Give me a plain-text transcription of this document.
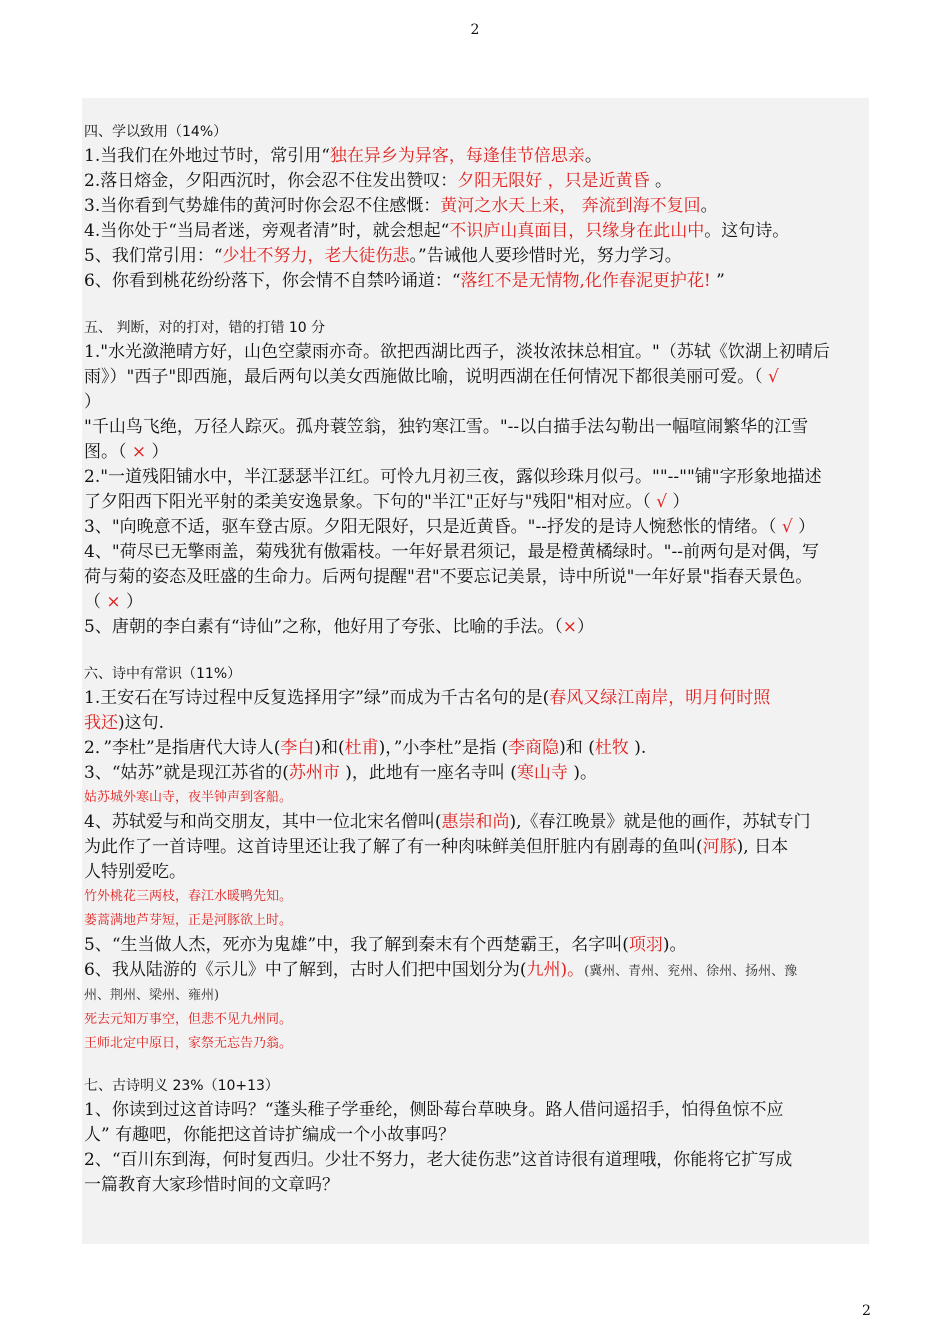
2
四、学以致用（14%）
1.当我们在外地过节时，常引用“独在异乡为异客，每逢佳节倍思亲。
2.落日熔金，夕阳西沉时，你会忍不住发出赞叹：夕阳无限好 ，只是近黄昏 。
3.当你看到气势雄伟的黄河时你会忍不住感慨：黄河之水天上来， 奔流到海不复回。
4.当你处于“当局者迷，旁观者清”时，就会想起“不识庐山真面目，只缘身在此山中。这句诗。
5、我们常引用：“少壮不努力，老大徒伤悲。”告诫他人要珍惜时光，努力学习。
6、你看到桃花纷纷落下，你会情不自禁吟诵道：“落红不是无情物,化作春泥更护花! ”
五、 判断，对的打对，错的打错 10 分
1."水光潋滟晴方好，山色空蒙雨亦奇。欲把西湖比西子，淡妆浓抹总相宜。"（苏轼《饮湖上初晴后
雨》）"西子"即西施，最后两句以美女西施做比喻，说明西湖在任何情况下都很美丽可爱。（ √
）
"千山鸟飞绝，万径人踪灭。孤舟蓑笠翁，独钓寒江雪。"--以白描手法勾勒出一幅喧闹繁华的江雪
图。（ × ）
2."一道残阳铺水中，半江瑟瑟半江红。可怜九月初三夜，露似珍珠月似弓。""--""铺"字形象地描述
了夕阳西下阳光平射的柔美安逸景象。下句的"半江"正好与"残阳"相对应。（ √ ）
3、"向晚意不适，驱车登古原。夕阳无限好，只是近黄昏。"--抒发的是诗人惋愁怅的情绪。（ √ ）
4、"荷尽已无擎雨盖，菊残犹有傲霜枝。一年好景君须记，最是橙黄橘绿时。"--前两句是对偶，写
荷与菊的姿态及旺盛的生命力。后两句提醒"君"不要忘记美景，诗中所说"一年好景"指春天景色。
（ × ）
5、唐朝的李白素有“诗仙”之称，他好用了夸张、比喻的手法。（×）
六、诗中有常识（11%）
1.王安石在写诗过程中反复选择用字”绿”而成为千古名句的是(春风又绿江南岸，明月何时照
我还)这句.
2．”李杜”是指唐代大诗人(李白)和(杜甫)，”小李杜”是指 (李商隐)和 (杜牧 ).
3、“姑苏”就是现江苏省的(苏州市 )，此地有一座名寺叫 (寒山寺 )。
姑苏城外寒山寺，夜半钟声到客船。
4、苏轼爱与和尚交朋友，其中一位北宋名僧叫(惠崇和尚),《春江晚景》就是他的画作，苏轼专门
为此作了一首诗哩。这首诗里还让我了解了有一种肉味鲜美但肝脏内有剧毒的鱼叫(河豚), 日本
人特别爱吃。
竹外桃花三两枝，春江水暖鸭先知。
蒌蒿满地芦芽短，正是河豚欲上时。
5、“生当做人杰，死亦为鬼雄”中，我了解到秦末有个西楚霸王，名字叫(项羽)。
6、我从陆游的《示儿》中了解到，古时人们把中国划分为(九州)。(冀州、青州、兖州、徐州、扬州、豫
州、荆州、梁州、雍州)
死去元知万事空，但悲不见九州同。
王师北定中原日，家祭无忘告乃翁。
七、古诗明义 23%（10+13）
1、你读到过这首诗吗？“蓬头稚子学垂纶，侧卧莓台草映身。路人借问遥招手，怕得鱼惊不应
人” 有趣吧，你能把这首诗扩编成一个小故事吗？
2、“百川东到海，何时复西归。少壮不努力，老大徒伤悲”这首诗很有道理哦，你能将它扩写成
一篇教育大家珍惜时间的文章吗？
2
